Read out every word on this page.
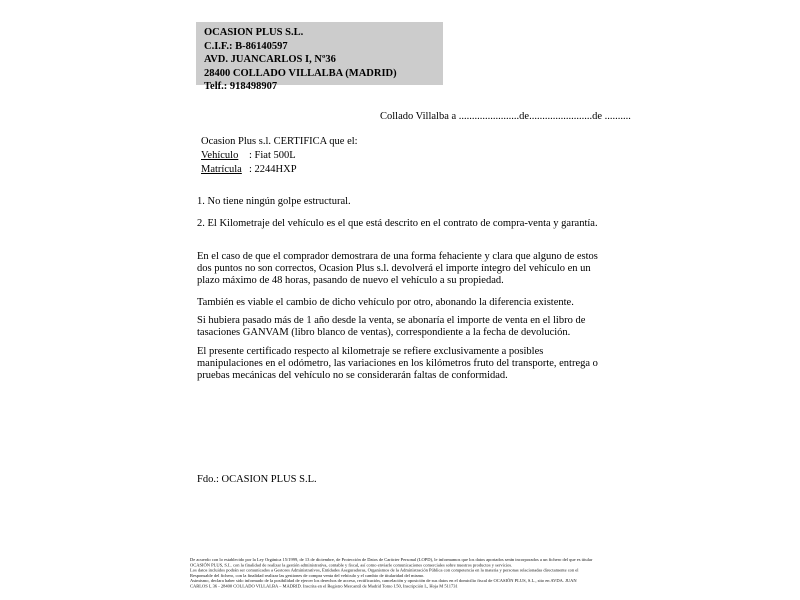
OCASION PLUS S.L.
C.I.F.: B-86140597
AVD. JUANCARLOS I, Nº36
28400 COLLADO VILLALBA (MADRID)
Telf.: 918498907
Collado Villalba a .......................de........................de ..........
Ocasion Plus s.l. CERTIFICA que el:
Vehículo : Fiat 500L
Matrícula : 2244HXP
1. No tiene ningún golpe estructural.
2. El Kilometraje del vehículo es el que está descrito en el contrato de compra-venta y garantía.
En el caso de que el comprador demostrara de una forma fehaciente y clara que alguno de estos dos puntos no son correctos, Ocasion Plus s.l. devolverá el importe íntegro del vehículo en un plazo máximo de 48 horas, pasando de nuevo el vehículo a su propiedad.
También es viable el cambio de dicho vehículo por otro, abonando la diferencia existente.
Si hubiera pasado más de 1 año desde la venta, se abonaría el importe de venta en el libro de tasaciones GANVAM (libro blanco de ventas), correspondiente a la fecha de devolución.
El presente certificado respecto al kilometraje se refiere exclusivamente a posibles manipulaciones en el odómetro, las variaciones en los kilómetros fruto del transporte, entrega o pruebas mecánicas del vehículo no se considerarán faltas de conformidad.
Fdo.: OCASION PLUS S.L.
De acuerdo con lo establecido por la Ley Orgánica 15/1999, de 13 de diciembre, de Protección de Datos de Carácter Personal (LOPD), le informamos que los datos aportados serán incorporados a un fichero del que es titular
OCASIÓN PLUS, S.L. con la finalidad de realizar la gestión administrativa, contable y fiscal, así como enviarle comunicaciones comerciales sobre nuestros productos y servicios.
Los datos incluidos podrán ser comunicados a Gestores Administrativos, Entidades Aseguradoras, Organismos de la Administración Pública con competencia en la materia y personas relacionadas directamente con el
Responsable del fichero, con la finalidad realizar las gestiones de compra venta del vehículo y el cambio de titularidad del mismo.
Asimismo, declara haber sido informado de la posibilidad de ejercer los derechos de acceso, rectificación, cancelación y oposición de sus datos en el domicilio fiscal de OCASIÓN PLUS, S.L., sito en AVDA. JUAN
CARLOS I, 36 - 28400 COLLADO VILLALBA – MADRID. Inscrita en el Registro Mercantil de Madrid Tomo I.50, Inscripción L, Hoja M 511731
